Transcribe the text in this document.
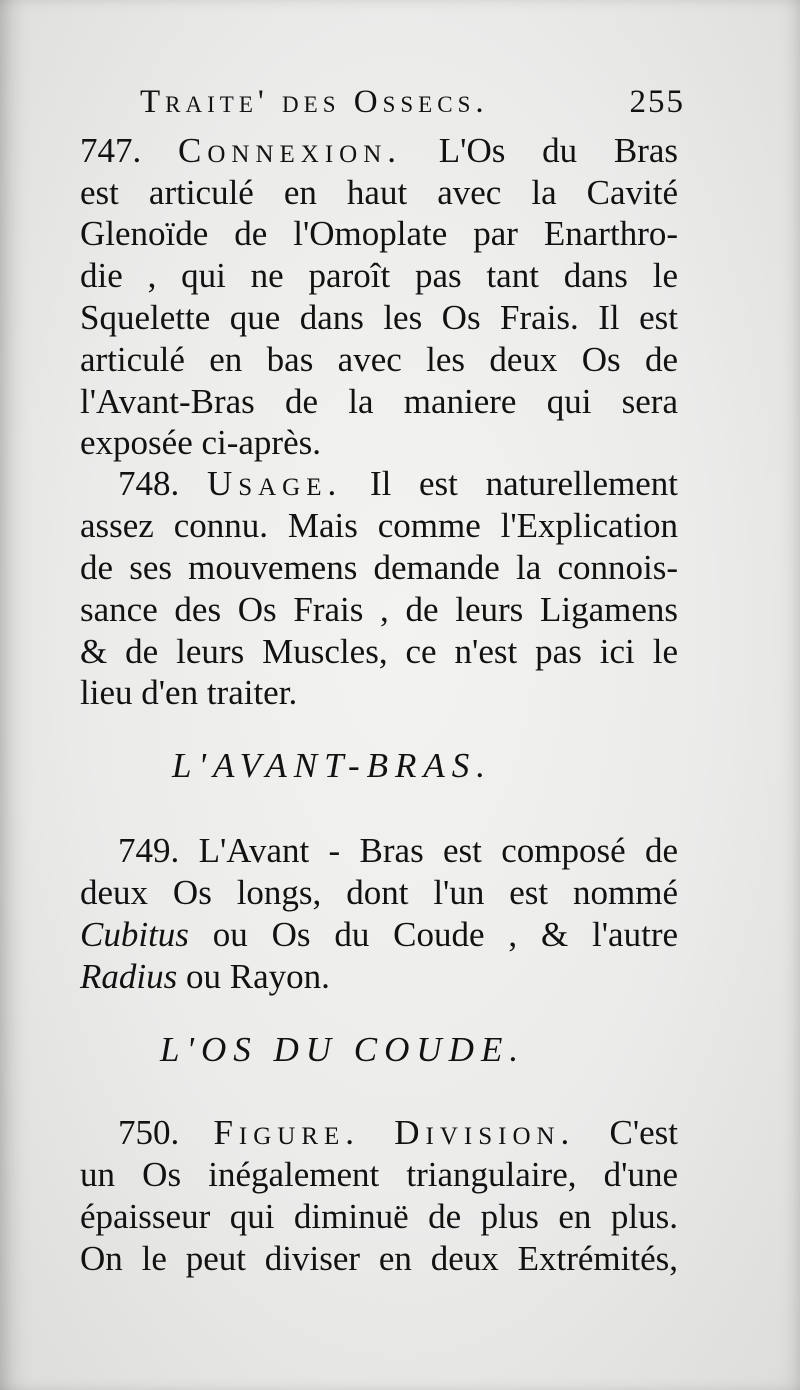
Traite' des Ossecs.	255
747. Connexion. L'Os du Bras
est articulé en haut avec la Cavité
Glenoïde de l'Omoplate par Enarthro-
die , qui ne paroît pas tant dans le
Squelette que dans les Os Frais. Il est
articulé en bas avec les deux Os de
l'Avant-Bras de la maniere qui sera
exposée ci-après.
748. Usage. Il est naturellement
assez connu. Mais comme l'Explication
de ses mouvemens demande la connois-
sance des Os Frais , de leurs Ligamens
& de leurs Muscles, ce n'est pas ici le
lieu d'en traiter.
L'AVANT-BRAS.
749. L'Avant - Bras est composé de
deux Os longs, dont l'un est nommé
Cubitus ou Os du Coude , & l'autre
Radius ou Rayon.
L'OS DU COUDE.
750. Figure. Division. C'est
un Os inégalement triangulaire, d'une
épaisseur qui diminuë de plus en plus.
On le peut diviser en deux Extrémités,
